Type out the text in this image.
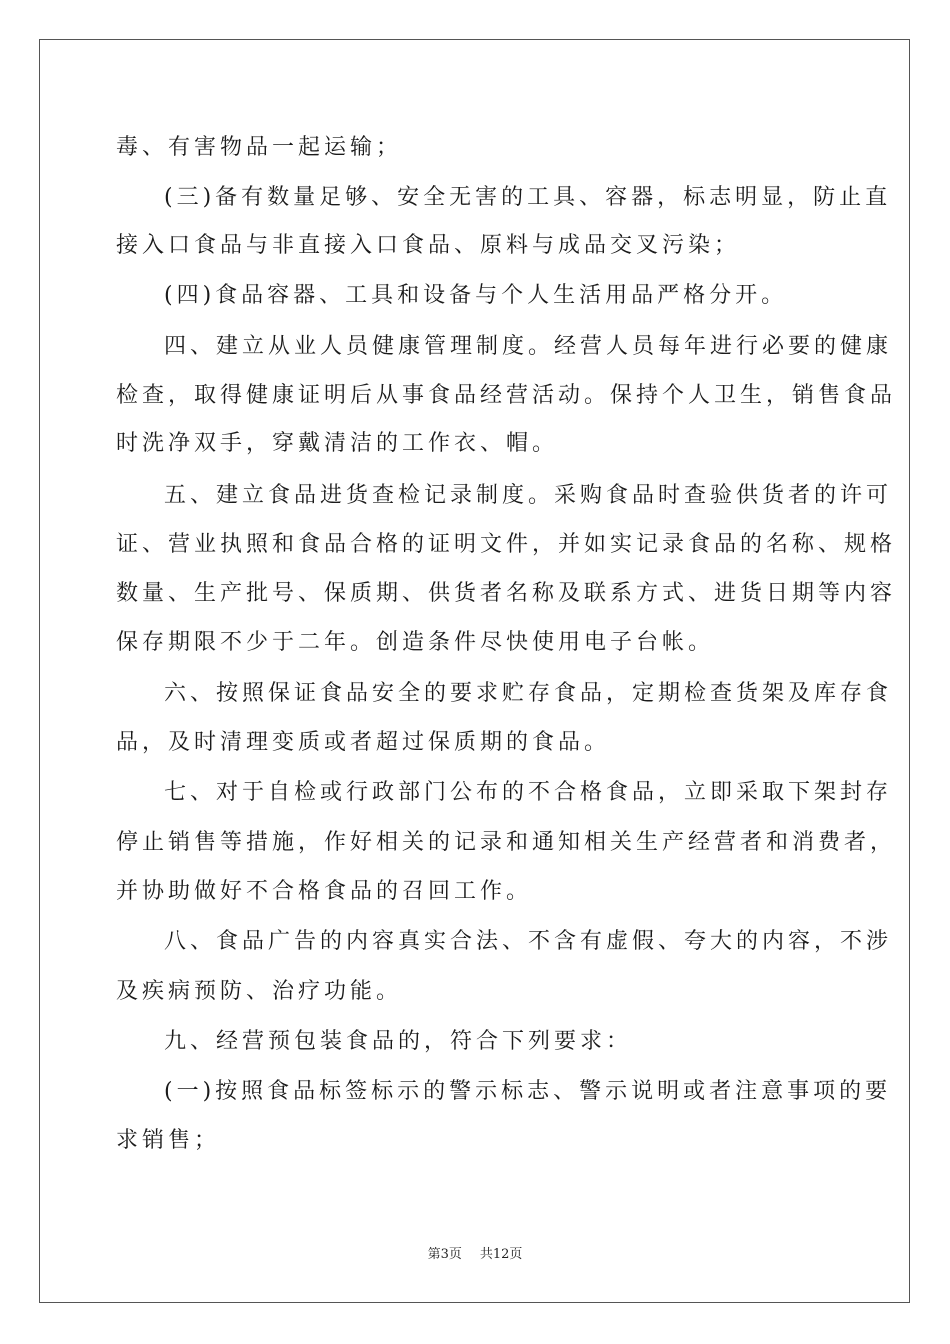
毒、有害物品一起运输；
(三)备有数量足够、安全无害的工具、容器，标志明显，防止直
接入口食品与非直接入口食品、原料与成品交叉污染；
(四)食品容器、工具和设备与个人生活用品严格分开。
四、建立从业人员健康管理制度。经营人员每年进行必要的健康
检查，取得健康证明后从事食品经营活动。保持个人卫生，销售食品
时洗净双手，穿戴清洁的工作衣、帽。
五、建立食品进货查检记录制度。采购食品时查验供货者的许可
证、营业执照和食品合格的证明文件，并如实记录食品的名称、规格
数量、生产批号、保质期、供货者名称及联系方式、进货日期等内容
保存期限不少于二年。创造条件尽快使用电子台帐。
六、按照保证食品安全的要求贮存食品，定期检查货架及库存食
品，及时清理变质或者超过保质期的食品。
七、对于自检或行政部门公布的不合格食品，立即采取下架封存
停止销售等措施，作好相关的记录和通知相关生产经营者和消费者，
并协助做好不合格食品的召回工作。
八、食品广告的内容真实合法、不含有虚假、夸大的内容，不涉
及疾病预防、治疗功能。
九、经营预包装食品的，符合下列要求：
(一)按照食品标签标示的警示标志、警示说明或者注意事项的要
求销售；
第3页 共12页
